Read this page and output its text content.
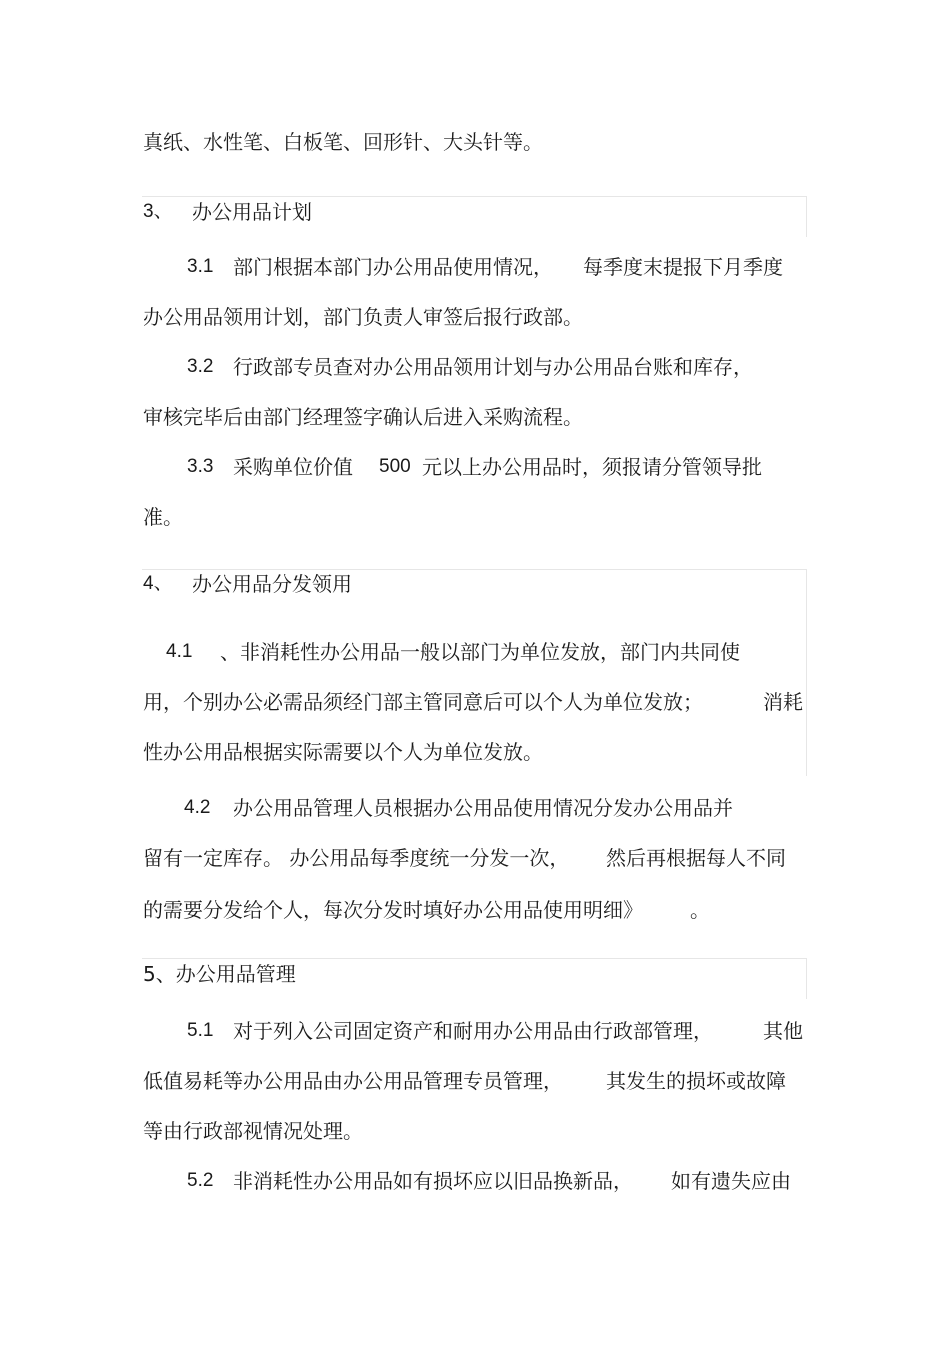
真纸、水性笔、白板笔、回形针、大头针等。
3、 办公用品计划
3.1 部门根据本部门办公用品使用情况， 每季度末提报下月季度
办公用品领用计划，部门负责人审签后报行政部。
3.2 行政部专员查对办公用品领用计划与办公用品台账和库存，
审核完毕后由部门经理签字确认后进入采购流程。
3.3 采购单位价值 500 元以上办公用品时，须报请分管领导批
准。
4、 办公用品分发领用
4.1 、非消耗性办公用品一般以部门为单位发放，部门内共同使
用，个别办公必需品须经门部主管同意后可以个人为单位发放；	消耗
性办公用品根据实际需要以个人为单位发放。
4.2 办公用品管理人员根据办公用品使用情况分发办公用品并
留有一定库存。 办公用品每季度统一分发一次， 然后再根据每人不同
的需要分发给个人，每次分发时填好办公用品使用明细》 。
5、办公用品管理
5.1 对于列入公司固定资产和耐用办公用品由行政部管理，	其他
低值易耗等办公用品由办公用品管理专员管理， 其发生的损坏或故障
等由行政部视情况处理。
5.2 非消耗性办公用品如有损坏应以旧品换新品， 如有遗失应由
